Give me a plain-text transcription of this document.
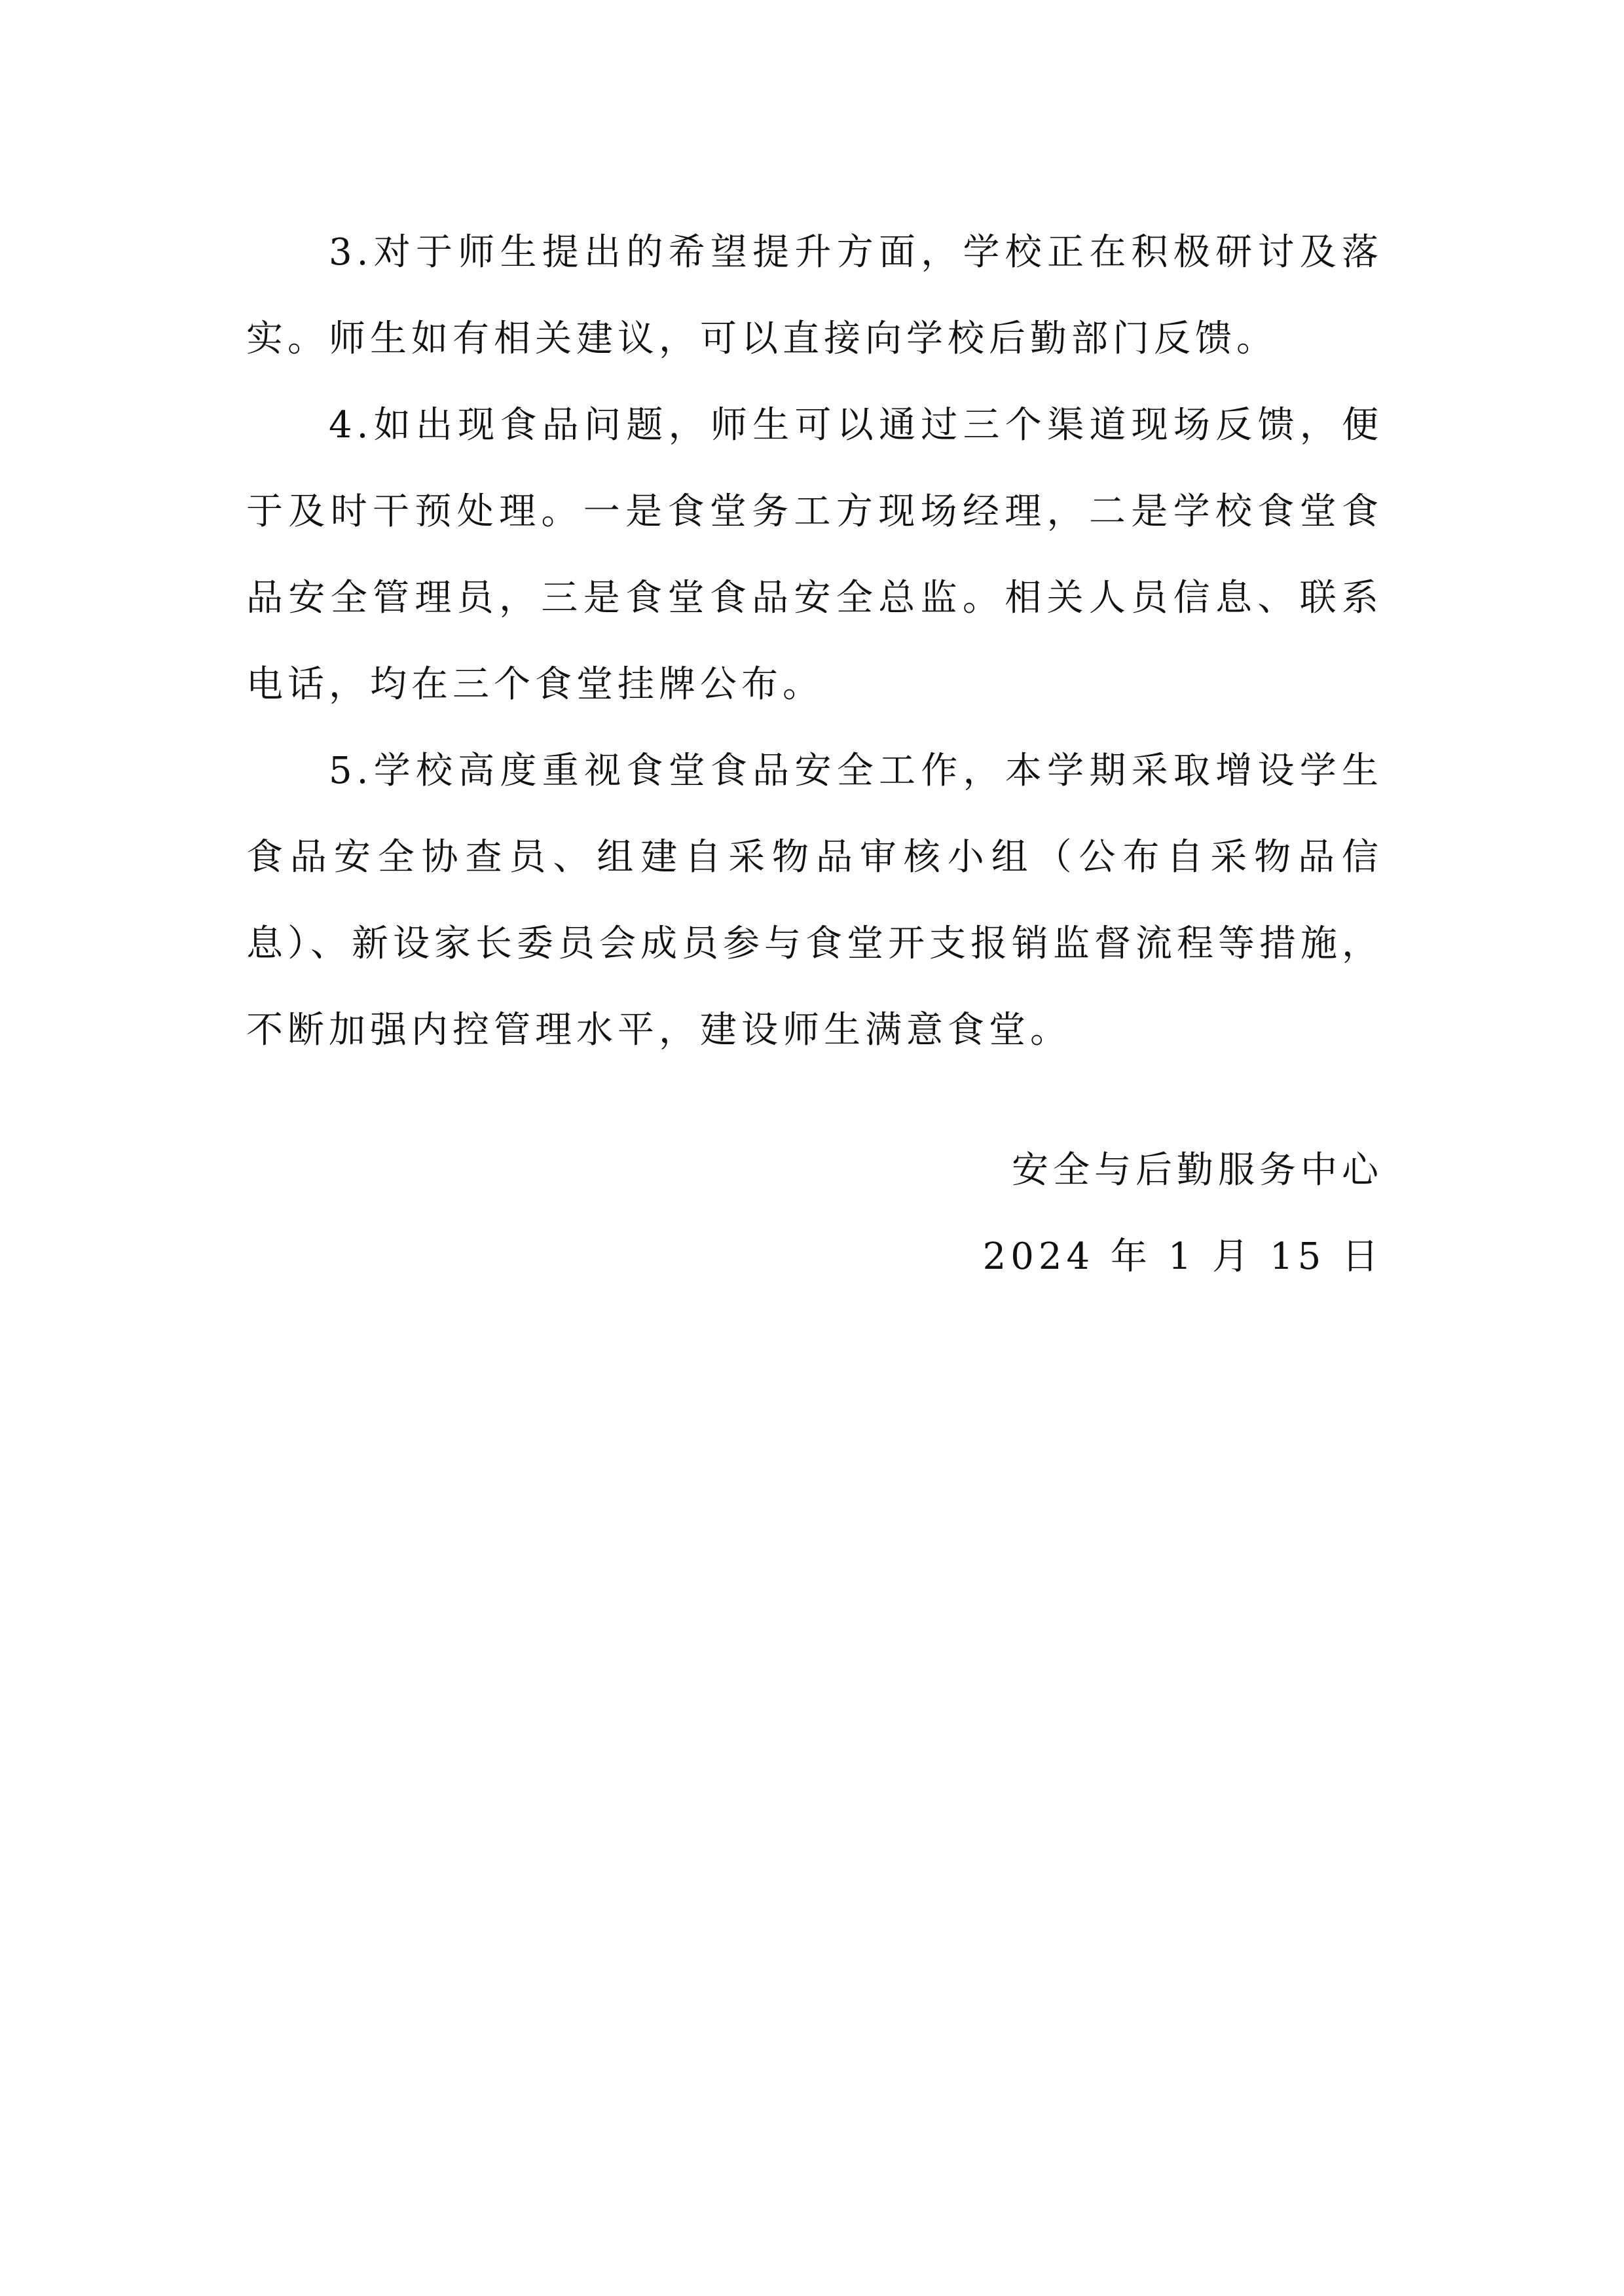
3.对于师生提出的希望提升方面，学校正在积极研讨及落实。师生如有相关建议，可以直接向学校后勤部门反馈。

4.如出现食品问题，师生可以通过三个渠道现场反馈，便于及时干预处理。一是食堂务工方现场经理，二是学校食堂食品安全管理员，三是食堂食品安全总监。相关人员信息、联系电话，均在三个食堂挂牌公布。

5.学校高度重视食堂食品安全工作，本学期采取增设学生食品安全协查员、组建自采物品审核小组（公布自采物品信息）、新设家长委员会成员参与食堂开支报销监督流程等措施，不断加强内控管理水平，建设师生满意食堂。

安全与后勤服务中心

2024 年 1 月 15 日
